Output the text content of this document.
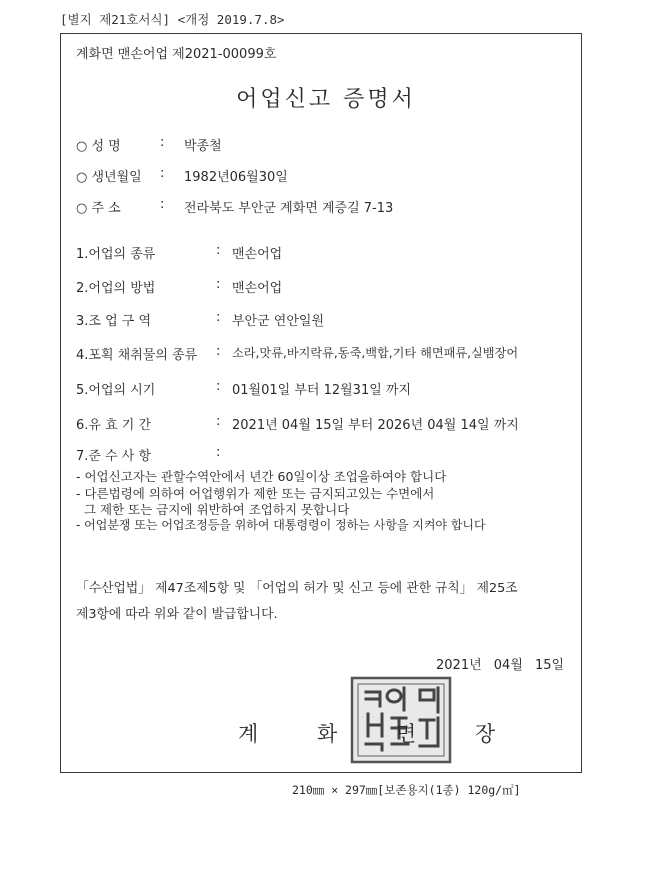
[별지 제21호서식] <개정 2019.7.8>
계화면 맨손어업 제2021-00099호
어업신고 증명서
○ 성 명	: 박종철
○ 생년월일 : 1982년06월30일
○ 주 소	: 전라북도 부안군 계화면 계증길 7-13
1.어업의 종류	: 맨손어업
2.어업의 방법	: 맨손어업
3.조 업 구 역	: 부안군 연안일원
4.포획 채취물의 종류 : 소라,맛류,바지락류,동죽,백합,기타 해면패류,실뱀장어
5.어업의 시기	: 01월01일 부터 12월31일 까지
6.유 효 기 간	: 2021년 04월 15일 부터 2026년 04월 14일 까지
7.준 수 사 항	:
- 어업신고자는 관할수역안에서 년간 60일이상 조업을하여야 합니다
- 다른법령에 의하여 어업행위가 제한 또는 금지되고있는 수면에서
그 제한 또는 금지에 위반하여 조업하지 못합니다
- 어업분쟁 또는 어업조정등을 위하여 대통령령이 정하는 사항을 지켜야 합니다
「수산업법」 제47조제5항 및 「어업의 허가 및 신고 등에 관한 규칙」 제25조
제3항에 따라 위와 같이 발급합니다.
2021년 04월 15일
계 화 면 장
210㎜ × 297㎜[보존용지(1종) 120g/㎡]
